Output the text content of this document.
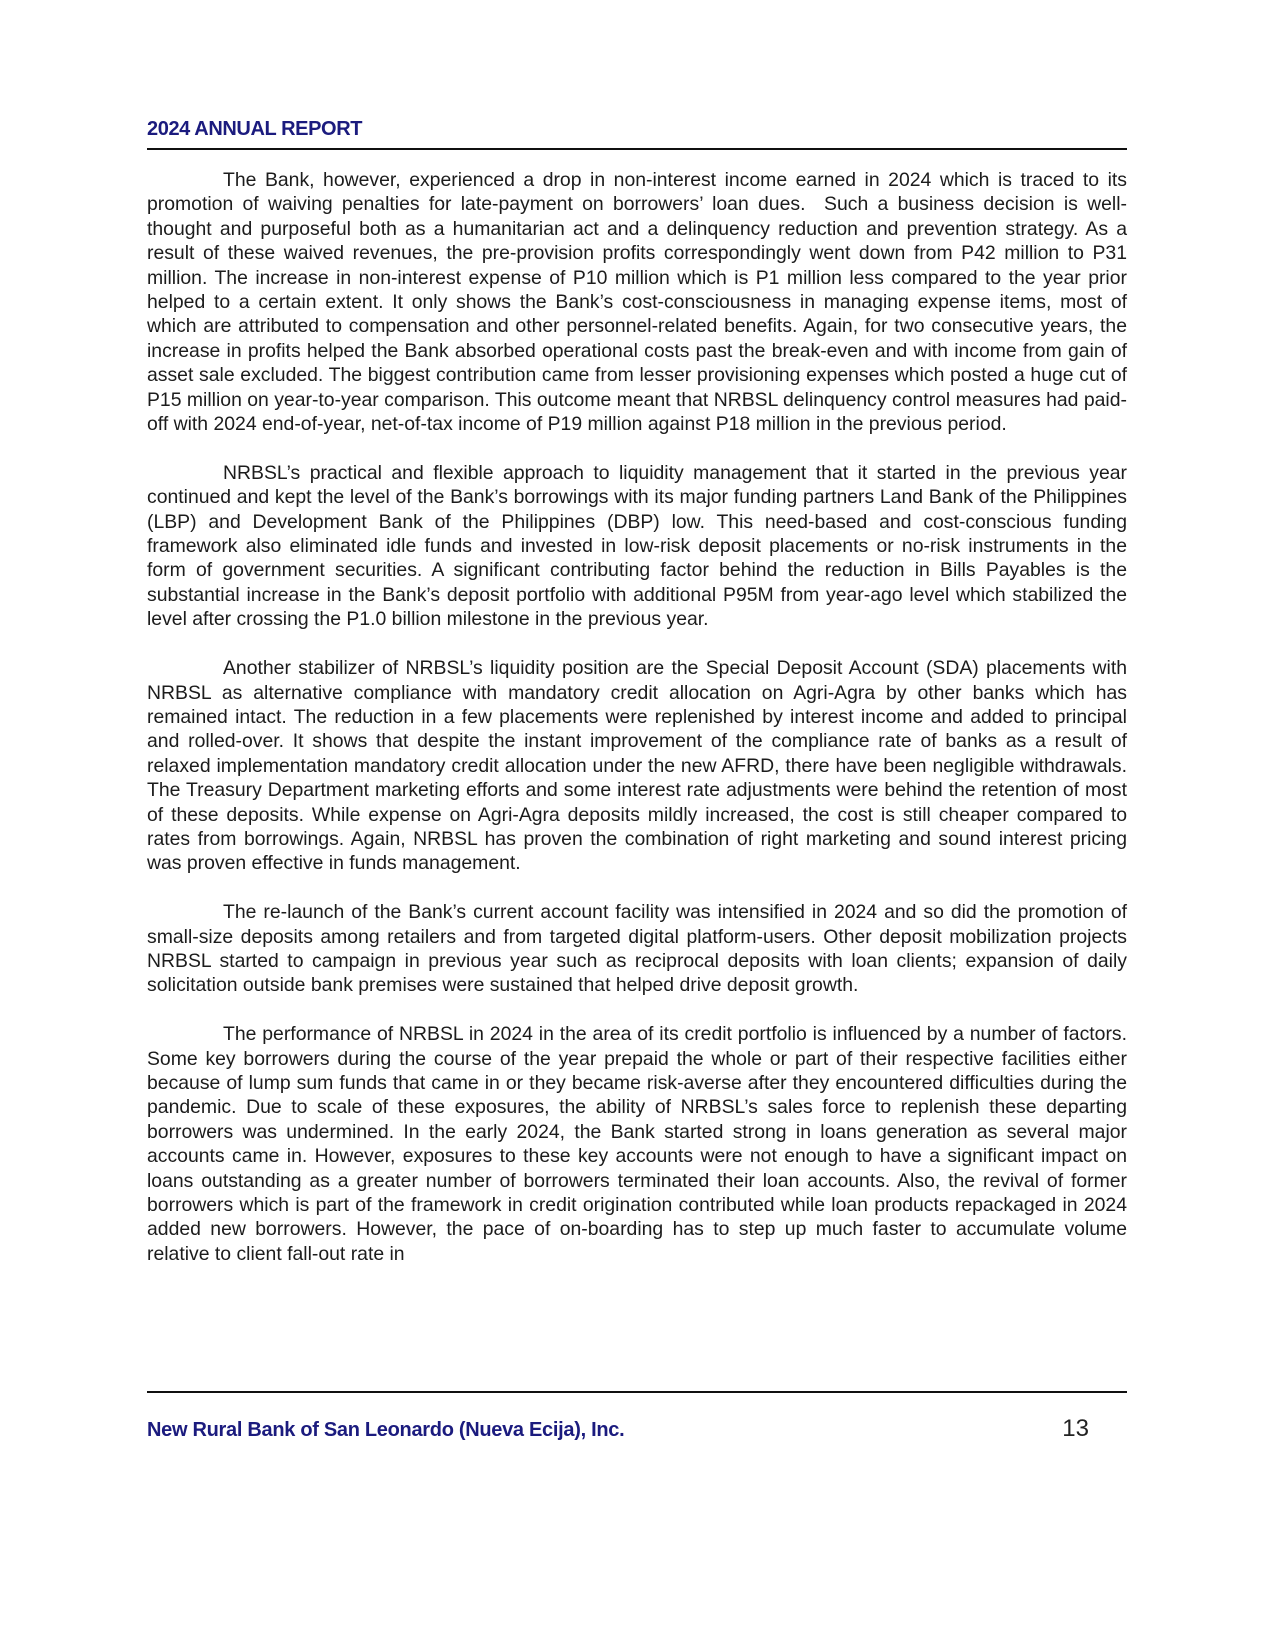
2024 ANNUAL REPORT

The Bank, however, experienced a drop in non-interest income earned in 2024 which is traced to its promotion of waiving penalties for late-payment on borrowers’ loan dues.  Such a business decision is well-thought and purposeful both as a humanitarian act and a delinquency reduction and prevention strategy. As a result of these waived revenues, the pre-provision profits correspondingly went down from P42 million to P31 million. The increase in non-interest expense of P10 million which is P1 million less compared to the year prior helped to a certain extent. It only shows the Bank’s cost-consciousness in managing expense items, most of which are attributed to compensation and other personnel-related benefits. Again, for two consecutive years, the increase in profits helped the Bank absorbed operational costs past the break-even and with income from gain of asset sale excluded. The biggest contribution came from lesser provisioning expenses which posted a huge cut of P15 million on year-to-year comparison. This outcome meant that NRBSL delinquency control measures had paid-off with 2024 end-of-year, net-of-tax income of P19 million against P18 million in the previous period.

NRBSL’s practical and flexible approach to liquidity management that it started in the previous year continued and kept the level of the Bank’s borrowings with its major funding partners Land Bank of the Philippines (LBP) and Development Bank of the Philippines (DBP) low. This need-based and cost-conscious funding framework also eliminated idle funds and invested in low-risk deposit placements or no-risk instruments in the form of government securities. A significant contributing factor behind the reduction in Bills Payables is the substantial increase in the Bank’s deposit portfolio with additional P95M from year-ago level which stabilized the level after crossing the P1.0 billion milestone in the previous year.

Another stabilizer of NRBSL’s liquidity position are the Special Deposit Account (SDA) placements with NRBSL as alternative compliance with mandatory credit allocation on Agri-Agra by other banks which has remained intact. The reduction in a few placements were replenished by interest income and added to principal and rolled-over. It shows that despite the instant improvement of the compliance rate of banks as a result of relaxed implementation mandatory credit allocation under the new AFRD, there have been negligible withdrawals. The Treasury Department marketing efforts and some interest rate adjustments were behind the retention of most of these deposits. While expense on Agri-Agra deposits mildly increased, the cost is still cheaper compared to rates from borrowings. Again, NRBSL has proven the combination of right marketing and sound interest pricing was proven effective in funds management.

The re-launch of the Bank’s current account facility was intensified in 2024 and so did the promotion of small-size deposits among retailers and from targeted digital platform-users. Other deposit mobilization projects NRBSL started to campaign in previous year such as reciprocal deposits with loan clients; expansion of daily solicitation outside bank premises were sustained that helped drive deposit growth.

The performance of NRBSL in 2024 in the area of its credit portfolio is influenced by a number of factors. Some key borrowers during the course of the year prepaid the whole or part of their respective facilities either because of lump sum funds that came in or they became risk-averse after they encountered difficulties during the pandemic. Due to scale of these exposures, the ability of NRBSL’s sales force to replenish these departing borrowers was undermined. In the early 2024, the Bank started strong in loans generation as several major accounts came in. However, exposures to these key accounts were not enough to have a significant impact on loans outstanding as a greater number of borrowers terminated their loan accounts. Also, the revival of former borrowers which is part of the framework in credit origination contributed while loan products repackaged in 2024 added new borrowers. However, the pace of on-boarding has to step up much faster to accumulate volume relative to client fall-out rate in

New Rural Bank of San Leonardo (Nueva Ecija), Inc.	13
